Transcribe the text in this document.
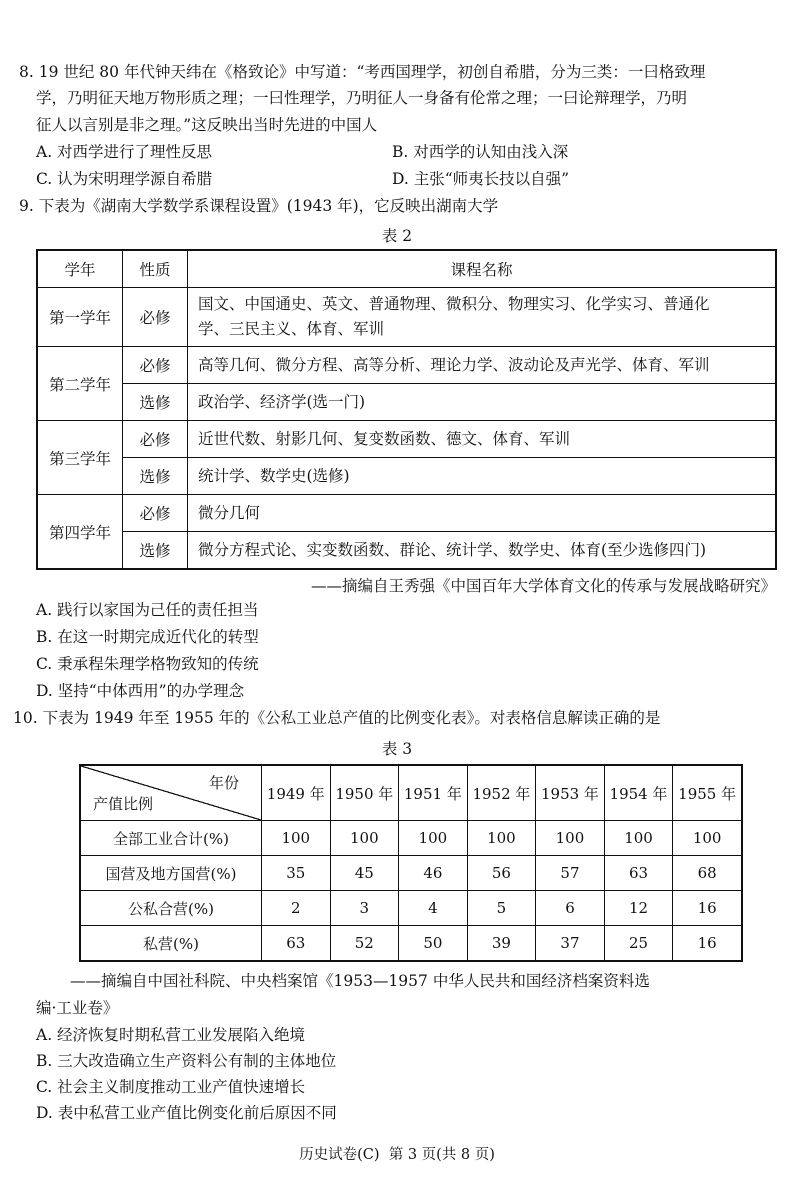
8. 19 世纪 80 年代钟天纬在《格致论》中写道：“考西国理学，初创自希腊，分为三类：一曰格致理
学，乃明征天地万物形质之理；一曰性理学，乃明征人一身备有伦常之理；一曰论辩理学，乃明
征人以言别是非之理。”这反映出当时先进的中国人
A. 对西学进行了理性反思	B. 对西学的认知由浅入深
C. 认为宋明理学源自希腊	D. 主张“师夷长技以自强”
9. 下表为《湖南大学数学系课程设置》(1943 年)，它反映出湖南大学
表 2
学年	性质	课程名称
第一学年	必修	国文、中国通史、英文、普通物理、微积分、物理实习、化学实习、普通化
学、三民主义、体育、军训

第二学年	必修	高等几何、微分方程、高等分析、理论力学、波动论及声光学、体育、军训
	选修	政治学、经济学(选一门)
第三学年	必修	近世代数、射影几何、复变数函数、德文、体育、军训
	选修	统计学、数学史(选修)
第四学年	必修	微分几何
	选修	微分方程式论、实变数函数、群论、统计学、数学史、体育(至少选修四门)
——摘编自王秀强《中国百年大学体育文化的传承与发展战略研究》
A. 践行以家国为己任的责任担当
B. 在这一时期完成近代化的转型
C. 秉承程朱理学格物致知的传统
D. 坚持“中体西用”的办学理念
10. 下表为 1949 年至 1955 年的《公私工业总产值的比例变化表》。对表格信息解读正确的是
表 3
年份
产值比例	1949 年	1950 年	1951 年	1952 年	1953 年	1954 年	1955 年
全部工业合计(%)	100	100	100	100	100	100	100
国营及地方国营(%)	35	45	46	56	57	63	68
公私合营(%)	2	3	4	5	6	12	16
私营(%)	63	52	50	39	37	25	16
——摘编自中国社科院、中央档案馆《1953—1957 中华人民共和国经济档案资料选
编·工业卷》
A. 经济恢复时期私营工业发展陷入绝境
B. 三大改造确立生产资料公有制的主体地位
C. 社会主义制度推动工业产值快速增长
D. 表中私营工业产值比例变化前后原因不同
历史试卷(C)  第 3 页(共 8 页)
